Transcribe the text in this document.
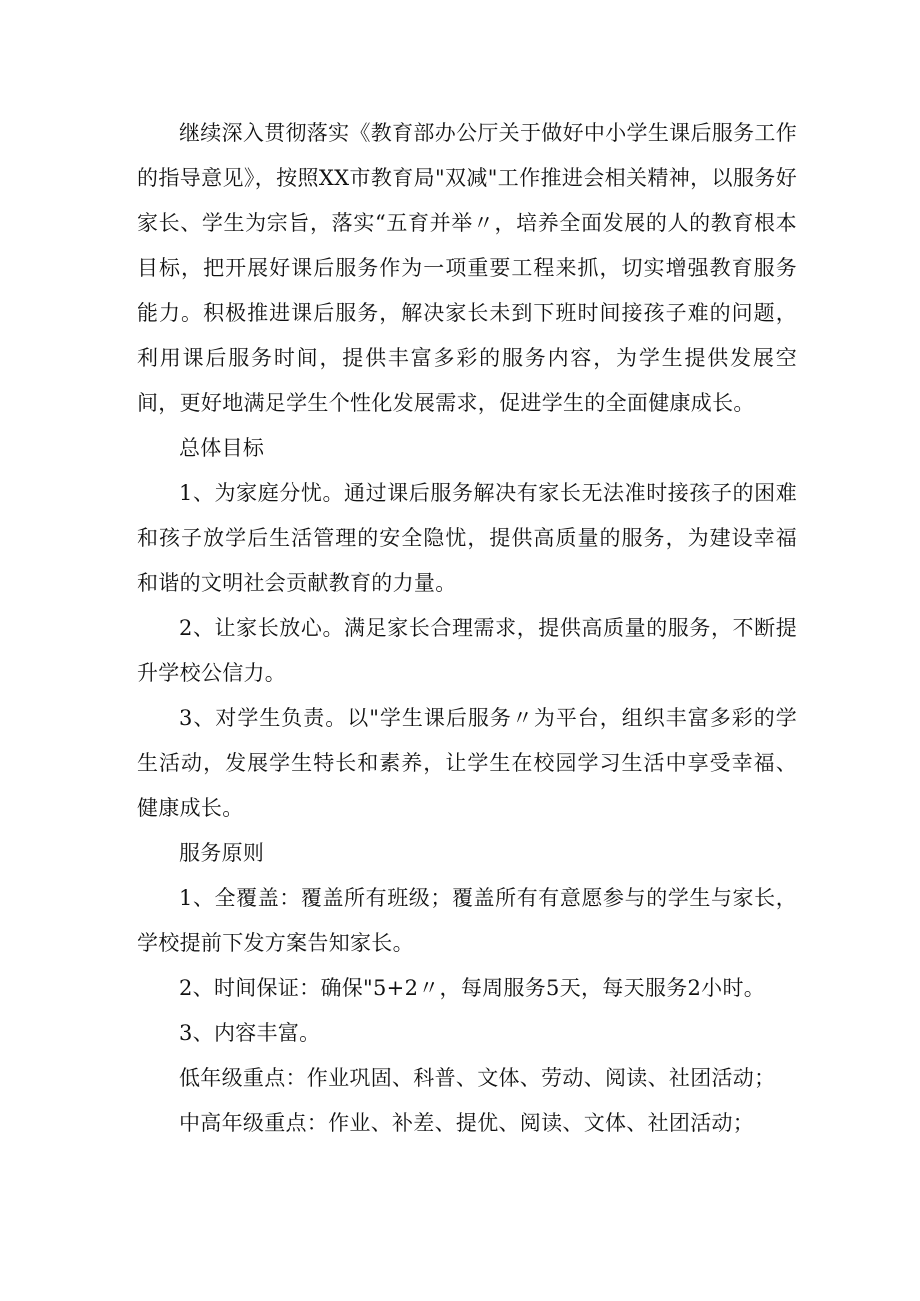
继续深入贯彻落实《教育部办公厅关于做好中小学生课后服务工作的指导意见》，按照XX市教育局"双减"工作推进会相关精神，以服务好家长、学生为宗旨，落实“五育并举〃，培养全面发展的人的教育根本目标，把开展好课后服务作为一项重要工程来抓，切实增强教育服务能力。积极推进课后服务，解决家长未到下班时间接孩子难的问题，利用课后服务时间，提供丰富多彩的服务内容，为学生提供发展空间，更好地满足学生个性化发展需求，促进学生的全面健康成长。

总体目标

1、为家庭分忧。通过课后服务解决有家长无法准时接孩子的困难和孩子放学后生活管理的安全隐忧，提供高质量的服务，为建设幸福和谐的文明社会贡献教育的力量。

2、让家长放心。满足家长合理需求，提供高质量的服务，不断提升学校公信力。

3、对学生负责。以"学生课后服务〃为平台，组织丰富多彩的学生活动，发展学生特长和素养，让学生在校园学习生活中享受幸福、健康成长。

服务原则

1、全覆盖：覆盖所有班级；覆盖所有有意愿参与的学生与家长，学校提前下发方案告知家长。

2、时间保证：确保"5+2〃，每周服务5天，每天服务2小时。

3、内容丰富。

低年级重点：作业巩固、科普、文体、劳动、阅读、社团活动；

中高年级重点：作业、补差、提优、阅读、文体、社团活动；
